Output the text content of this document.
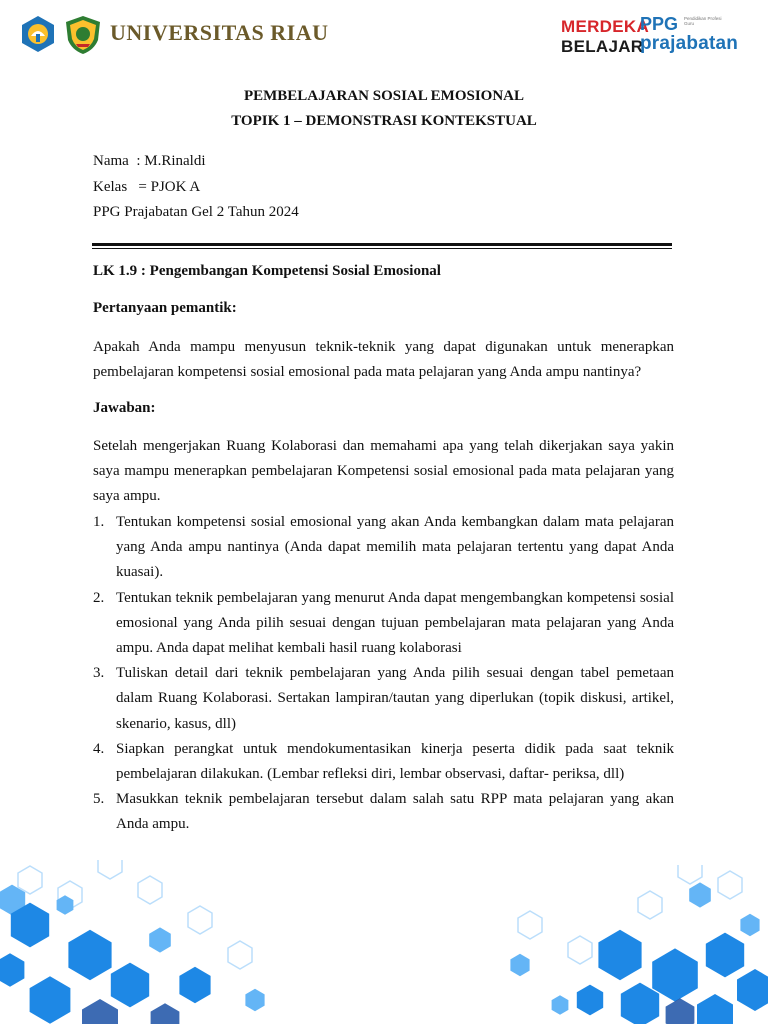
UNIVERSITAS RIAU	MERDEKA
BELAJAR
PPG Pendidikan Profesi Guru
prajabatan
PEMBELAJARAN SOSIAL EMOSIONAL
TOPIK 1 – DEMONSTRASI KONTEKSTUAL
Nama  : M.Rinaldi
Kelas   = PJOK A
PPG Prajabatan Gel 2 Tahun 2024
LK 1.9 : Pengembangan Kompetensi Sosial Emosional
Pertanyaan pemantik:
Apakah Anda mampu menyusun teknik-teknik yang dapat digunakan untuk menerapkan pembelajaran kompetensi sosial emosional pada mata pelajaran yang Anda ampu nantinya?
Jawaban:
Setelah mengerjakan Ruang Kolaborasi dan memahami apa yang telah dikerjakan saya yakin saya mampu menerapkan pembelajaran Kompetensi sosial emosional pada mata pelajaran yang saya ampu.
1. Tentukan kompetensi sosial emosional yang akan Anda kembangkan dalam mata pelajaran yang Anda ampu nantinya (Anda dapat memilih mata pelajaran tertentu yang dapat Anda kuasai).
2. Tentukan teknik pembelajaran yang menurut Anda dapat mengembangkan kompetensi sosial emosional yang Anda pilih sesuai dengan tujuan pembelajaran mata pelajaran yang Anda ampu. Anda dapat melihat kembali hasil ruang kolaborasi
3. Tuliskan detail dari teknik pembelajaran yang Anda pilih sesuai dengan tabel pemetaan dalam Ruang Kolaborasi. Sertakan lampiran/tautan yang diperlukan (topik diskusi, artikel, skenario, kasus, dll)
4. Siapkan perangkat untuk mendokumentasikan kinerja peserta didik pada saat teknik pembelajaran dilakukan. (Lembar refleksi diri, lembar observasi, daftar- periksa, dll)
5. Masukkan teknik pembelajaran tersebut dalam salah satu RPP mata pelajaran yang akan Anda ampu.
